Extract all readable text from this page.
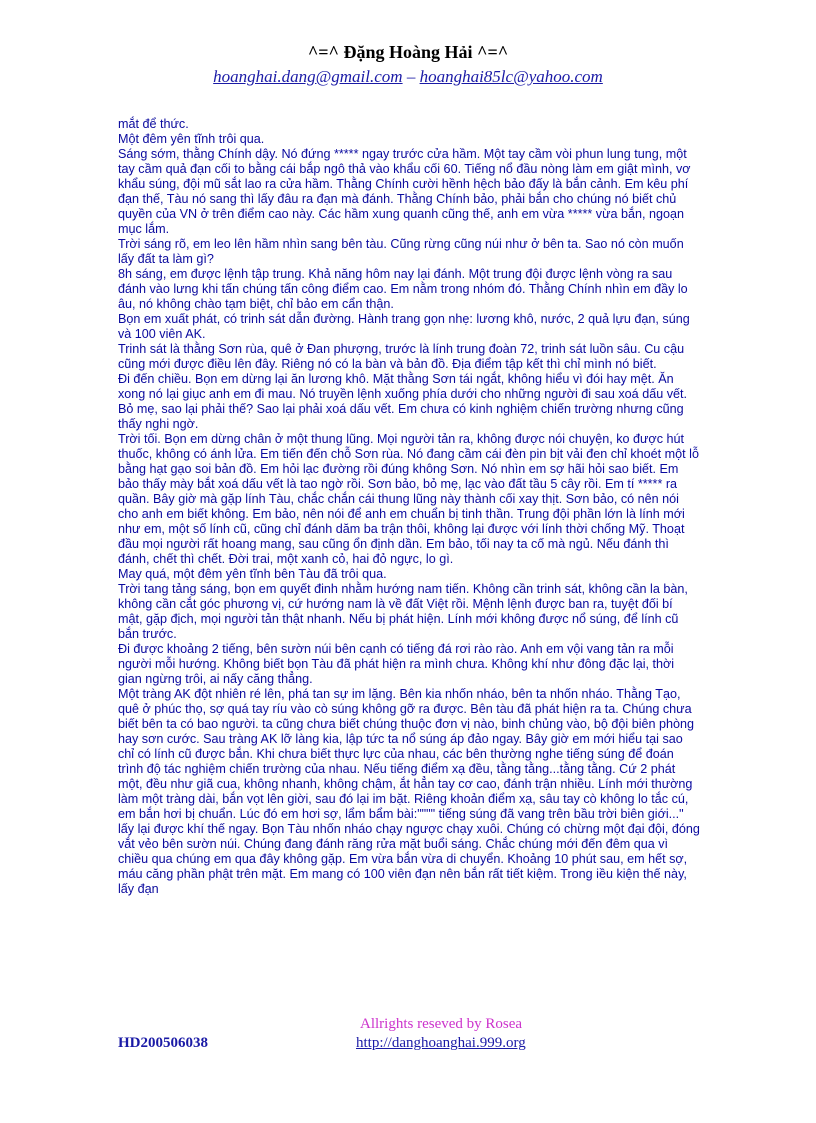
^=^ Đặng Hoàng Hải ^=^
hoanghai.dang@gmail.com – hoanghai85lc@yahoo.com

mắt để thức.

Một đêm yên tĩnh trôi qua.

Sáng sớm, thằng Chính dậy. Nó đứng ***** ngay trước cửa hầm. Một tay cầm vòi phun lung tung, một tay cầm quả đạn cối to bằng cái bắp ngô thả vào khẩu cối 60. Tiếng nổ đầu nòng làm em giật mình, vơ khẩu súng, đội mũ sắt lao ra cửa hầm. Thằng Chính cười hềnh hệch bảo đấy là bắn cảnh. Em kêu phí đạn thế, Tàu nó sang thì lấy đâu ra đạn mà đánh. Thằng Chính bảo, phải bắn cho chúng nó biết chủ quyền của VN ở trên điểm cao này. Các hầm xung quanh cũng thế, anh em vừa ***** vừa bắn, ngoạn mục lắm.

Trời sáng rõ, em leo lên hầm nhìn sang bên tàu. Cũng rừng cũng núi như ở bên ta. Sao nó còn muốn lấy đất ta làm gì?

8h sáng, em được lệnh tập trung. Khả năng hôm nay lại đánh. Một trung đội được lệnh vòng ra sau đánh vào lưng khi tấn chúng tấn công điểm cao. Em nằm trong nhóm đó. Thằng Chính nhìn em đầy lo âu, nó không chào tạm biệt, chỉ bảo em cẩn thận.

Bọn em xuất phát, có trinh sát dẫn đường. Hành trang gọn nhẹ: lương khô, nước, 2 quả lựu đạn, súng và 100 viên AK.

Trinh sát là thằng Sơn rùa, quê ở Đan phượng, trước là lính trung đoàn 72, trinh sát luồn sâu. Cu cậu cũng mới được điều lên đây. Riêng nó có la bàn và bản đồ. Địa điểm tập kết thì chỉ mình nó biết.

Đi đến chiều. Bọn em dừng lại ăn lương khô. Mặt thằng Sơn tái ngắt, không hiểu vì đói hay mệt. Ăn xong nó lại giục anh em đi mau. Nó truyền lệnh xuống phía dưới cho những người đi sau xoá dấu vết. Bỏ mẹ, sao lại phải thế? Sao lại phải xoá dấu vết. Em chưa có kinh nghiệm chiến trường nhưng cũng thấy nghi ngờ.

Trời tối. Bọn em dừng chân ở một thung lũng. Mọi người tản ra, không được nói chuyện, ko được hút thuốc, không có ánh lửa. Em tiến đến chỗ Sơn rùa. Nó đang cầm cái đèn pin bịt vải đen chỉ khoét một lỗ bằng hạt gạo soi bản đồ. Em hỏi lạc đường rồi đúng không Sơn. Nó nhìn em sợ hãi hỏi sao biết. Em bảo thấy mày bắt xoá dấu vết là tao ngờ rồi. Sơn bảo, bỏ mẹ, lạc vào đất tầu 5 cây rồi. Em tí ***** ra quần. Bây giờ mà gặp lính Tàu, chắc chắn cái thung lũng này thành cối xay thịt. Sơn bảo, có nên nói cho anh em biết không. Em bảo, nên nói để anh em chuẩn bị tinh thần. Trung đội phần lớn là lính mới như em, một số lính cũ, cũng chỉ đánh dăm ba trận thôi, không lại được với lính thời chống Mỹ. Thoạt đầu mọi người rất hoang mang, sau cũng ổn định dần. Em bảo, tối nay ta cố mà ngủ. Nếu đánh thì đánh, chết thì chết. Đời trai, một xanh cỏ, hai đỏ ngực, lo gì.

May quá, một đêm yên tĩnh bên Tàu đã trôi qua.

Trời tang tảng sáng, bọn em quyết đinh nhằm hướng nam tiến. Không cần trinh sát, không cần la bàn, không cần cắt góc phương vị, cứ hướng nam là về đất Việt rồi. Mệnh lệnh được ban ra, tuyệt đối bí mật, gặp địch, mọi người tản thật nhanh. Nếu bị phát hiện. Lính mới không được nổ súng, để lính cũ bắn trước.

Đi được khoảng 2 tiếng, bên sườn núi bên cạnh có tiếng đá rơi rào rào. Anh em vội vang tản ra mỗi người mỗi hướng. Không biết bọn Tàu đã phát hiện ra mình chưa. Không khí như đông đặc lại, thời gian ngừng trôi, ai nấy căng thẳng.

Một tràng AK đột nhiên ré lên, phá tan sự im lặng. Bên kia nhốn nháo, bên ta nhốn nháo. Thằng Tạo, quê ở phúc thọ, sợ quá tay ríu vào cò súng không gỡ ra được. Bên tàu đã phát hiện ra ta. Chúng chưa biết bên ta có bao người. ta cũng chưa biết chúng thuộc đơn vị nào, binh chủng vào, bộ đội biên phòng hay sơn cước. Sau tràng AK lỡ làng kia, lập tức ta nổ súng áp đảo ngay. Bây giờ em mới hiểu tại sao chỉ có lính cũ được bắn. Khi chưa biết thực lực của nhau, các bên thường nghe tiếng súng để đoán trình độ tác nghiệm chiến trường của nhau. Nếu tiếng điểm xạ đều, tằng tằng...tằng tằng. Cứ 2 phát một, đều như giã cua, không nhanh, không chậm, ắt hẳn tay cơ cao, đánh trận nhiều. Lính mới thường làm một tràng dài, bắn vọt lên giời, sau đó lại im bặt. Riêng khoản điểm xạ, sâu tay cò không lo tắc cú, em bắn hơi bị chuẩn. Lúc đó em hơi sợ, lẩm bẩm bài:"""" tiếng súng đã vang trên bầu trời biên giới..." lấy lại được khí thế ngay. Bọn Tàu nhốn nháo chạy ngược chạy xuôi. Chúng có chừng một đại đội, đóng vắt vẻo bên sườn núi. Chúng đang đánh răng rửa mặt buổi sáng. Chắc chúng mới đến đêm qua vì chiều qua chúng em qua đây không gặp. Em vừa bắn vừa di chuyển. Khoảng 10 phút sau, em hết sợ, máu căng phần phật trên mặt. Em mang có 100 viên đạn nên bắn rất tiết kiệm. Trong iều kiện thế này, lấy đạn

Allrights reseved by Rosea
HD200506038	http://danghoanghai.999.org
